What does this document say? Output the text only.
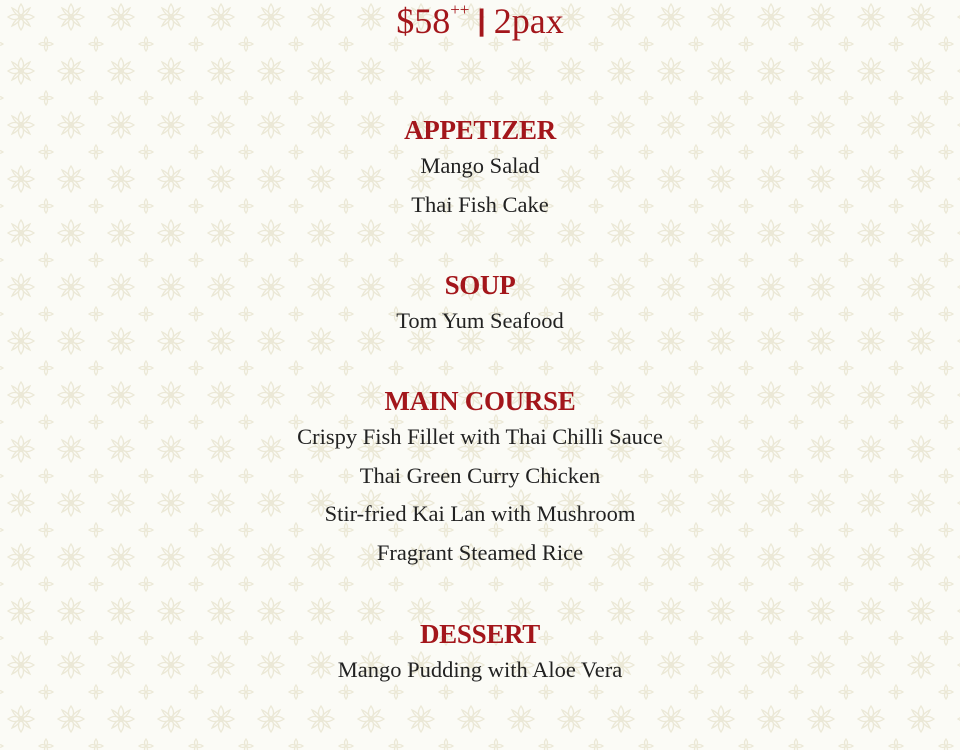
$58++ | 2pax
APPETIZER

Mango Salad

Thai Fish Cake

SOUP

Tom Yum Seafood

MAIN COURSE

Crispy Fish Fillet with Thai Chilli Sauce

Thai Green Curry Chicken

Stir-fried Kai Lan with Mushroom

Fragrant Steamed Rice

DESSERT

Mango Pudding with Aloe Vera
